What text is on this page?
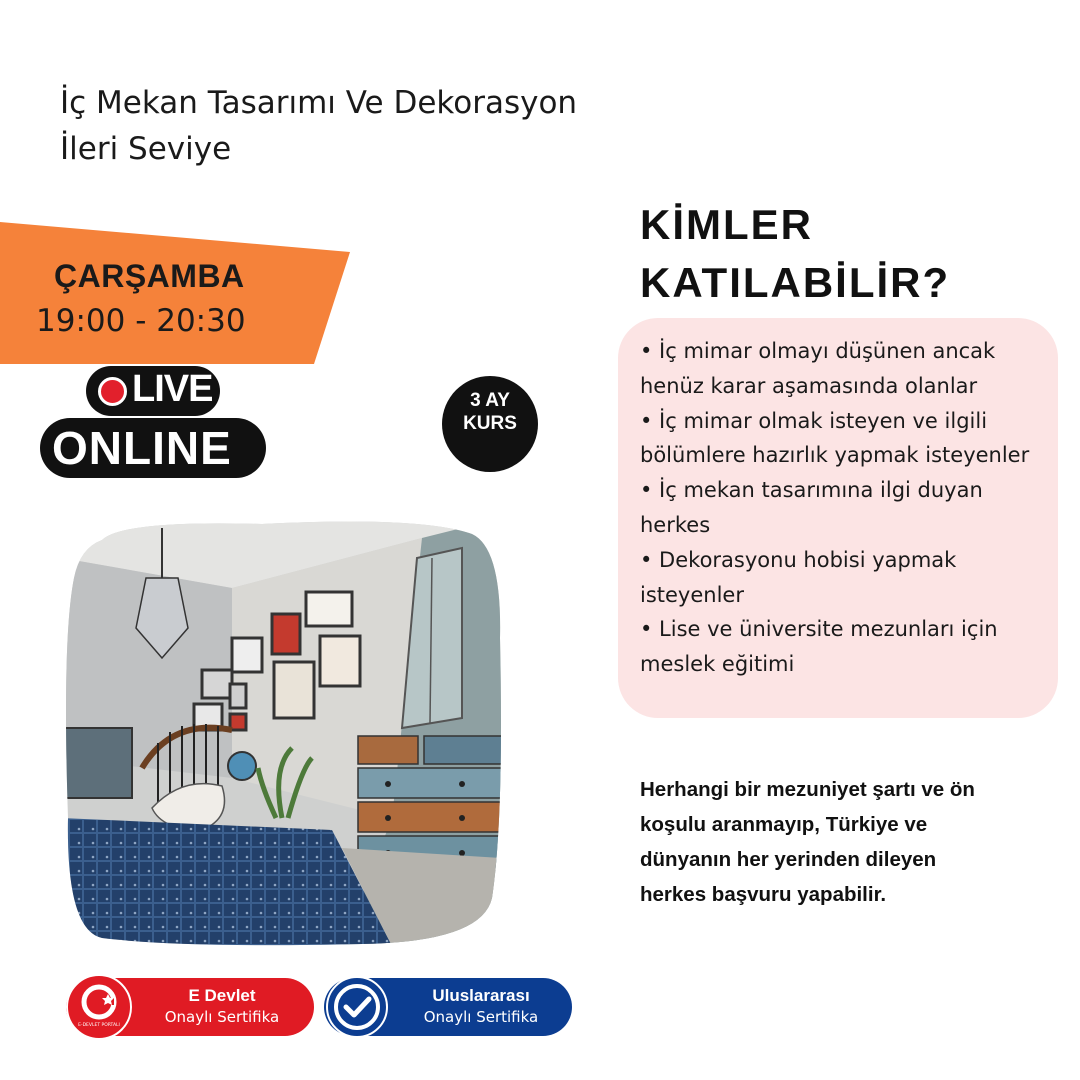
İç Mekan Tasarımı Ve Dekorasyon
İleri Seviye
ÇARŞAMBA
19:00 - 20:30
LIVE
ONLINE
3 AY
KURS
KİMLER
KATILABİLİR?
• İç mimar olmayı düşünen ancak
henüz karar aşamasında olanlar
• İç mimar olmak isteyen ve ilgili
bölümlere hazırlık yapmak isteyenler
• İç mekan tasarımına ilgi duyan
herkes
• Dekorasyonu hobisi yapmak
isteyenler
• Lise ve üniversite mezunları için
meslek eğitimi
Herhangi bir mezuniyet şartı ve ön
koşulu aranmayıp, Türkiye ve
dünyanın her yerinden dileyen
herkes başvuru yapabilir.
E-DEVLET PORTALI
E Devlet
Onaylı Sertifika
Uluslararası
Onaylı Sertifika
